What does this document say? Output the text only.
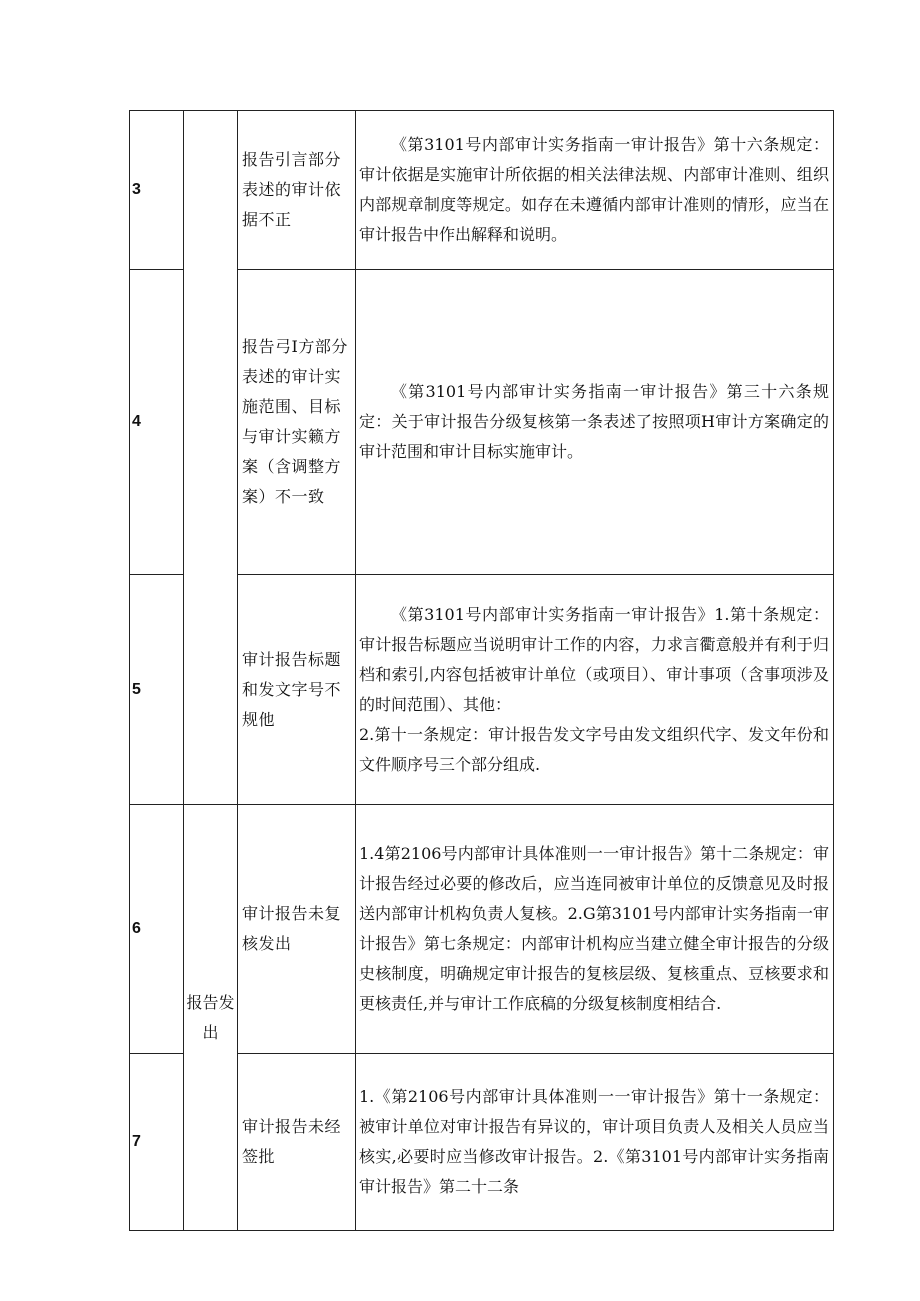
3		报告引言部分表述的审计依据不正	《第3101号内部审计实务指南一审计报告》第十六条规定：审计依据是实施审计所依据的相关法律法规、内部审计准则、组织内部规章制度等规定。如存在未遵循内部审计准则的情形，应当在审计报告中作出解释和说明。
4		报告弓I方部分表述的审计实施范围、目标与审计实籁方案（含调整方案）不一致	《第3101号内部审计实务指南一审计报告》第三十六条规定：关于审计报告分级复核第一条表述了按照项H审计方案确定的审计范围和审计目标实施审计。
5		审计报告标题和发文字号不规他	《第3101号内部审计实务指南一审计报告》1.第十条规定：审计报告标题应当说明审计工作的内容，力求言衢意般并有利于归档和索引,内容包括被审计单位（或项目）、审计事项（含事项涉及的时间范围）、其他：
2.第十一条规定：审计报告发文字号由发文组织代字、发文年份和文件顺序号三个部分组成.

6	报告发出	审计报告未复核发出	1.4第2106号内部审计具体准则一一审计报告》第十二条规定：审计报告经过必要的修改后，应当连同被审计单位的反馈意见及时报送内部审计机构负责人复核。2.G第3101号内部审计实务指南一审计报告》第七条规定：内部审计机构应当建立健全审计报告的分级史核制度，明确规定审计报告的复核层级、复核重点、豆核要求和更核责任,并与审计工作底稿的分级复核制度相结合.
7		审计报告未经签批	1.《第2106号内部审计具体准则一一审计报告》第十一条规定：被审计单位对审计报告有异议的，审计项目负责人及相关人员应当核实,必要时应当修改审计报告。2.《第3101号内部审计实务指南审计报告》第二十二条
